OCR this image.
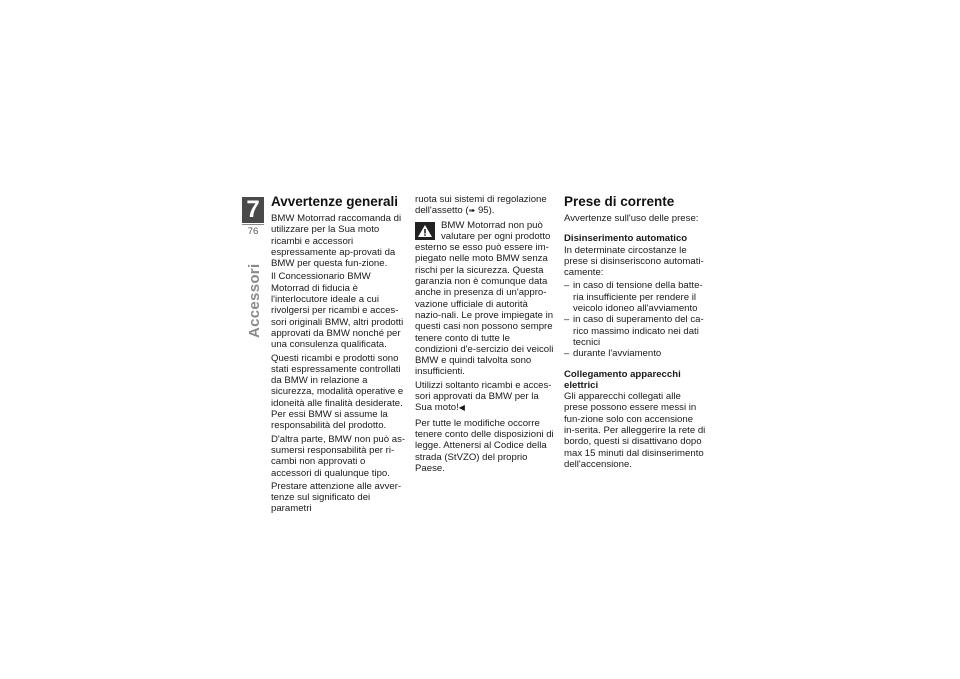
7
76
Accessori
Avvertenze generali

BMW Motorrad raccomanda di utilizzare per la Sua moto ricambi e accessori espressamente ap-provati da BMW per questa fun-zione.

Il Concessionario BMW Motorrad di fiducia è l'interlocutore ideale a cui rivolgersi per ricambi e acces-sori originali BMW, altri prodotti approvati da BMW nonché per una consulenza qualificata.

Questi ricambi e prodotti sono stati espressamente controllati da BMW in relazione a sicurezza, modalità operative e idoneità alle finalità desiderate. Per essi BMW si assume la responsabilità del prodotto.

D'altra parte, BMW non può as-sumersi responsabilità per ri-cambi non approvati o accessori di qualunque tipo.

Prestare attenzione alle avver-tenze sul significato dei parametri

ruota sui sistemi di regolazione dell'assetto (➠ 95).

BMW Motorrad non può valutare per ogni prodotto esterno se esso può essere im-piegato nelle moto BMW senza rischi per la sicurezza. Questa garanzia non è comunque data anche in presenza di un'appro-vazione ufficiale di autorità nazio-nali. Le prove impiegate in questi casi non possono sempre tenere conto di tutte le condizioni d'e-sercizio dei veicoli BMW e quindi talvolta sono insufficienti.

Utilizzi soltanto ricambi e acces-sori approvati da BMW per la Sua moto!◀

Per tutte le modifiche occorre tenere conto delle disposizioni di legge. Attenersi al Codice della strada (StVZO) del proprio Paese.

Prese di corrente

Avvertenze sull'uso delle prese:

Disinserimento automatico

In determinate circostanze le prese si disinseriscono automati-camente:

– in caso di tensione della batte-ria insufficiente per rendere il veicolo idoneo all'avviamento
– in caso di superamento del ca-rico massimo indicato nei dati tecnici
– durante l'avviamento
Collegamento apparecchi elettrici

Gli apparecchi collegati alle prese possono essere messi in fun-zione solo con accensione in-serita. Per alleggerire la rete di bordo, questi si disattivano dopo max 15 minuti dal disinserimento dell'accensione.
